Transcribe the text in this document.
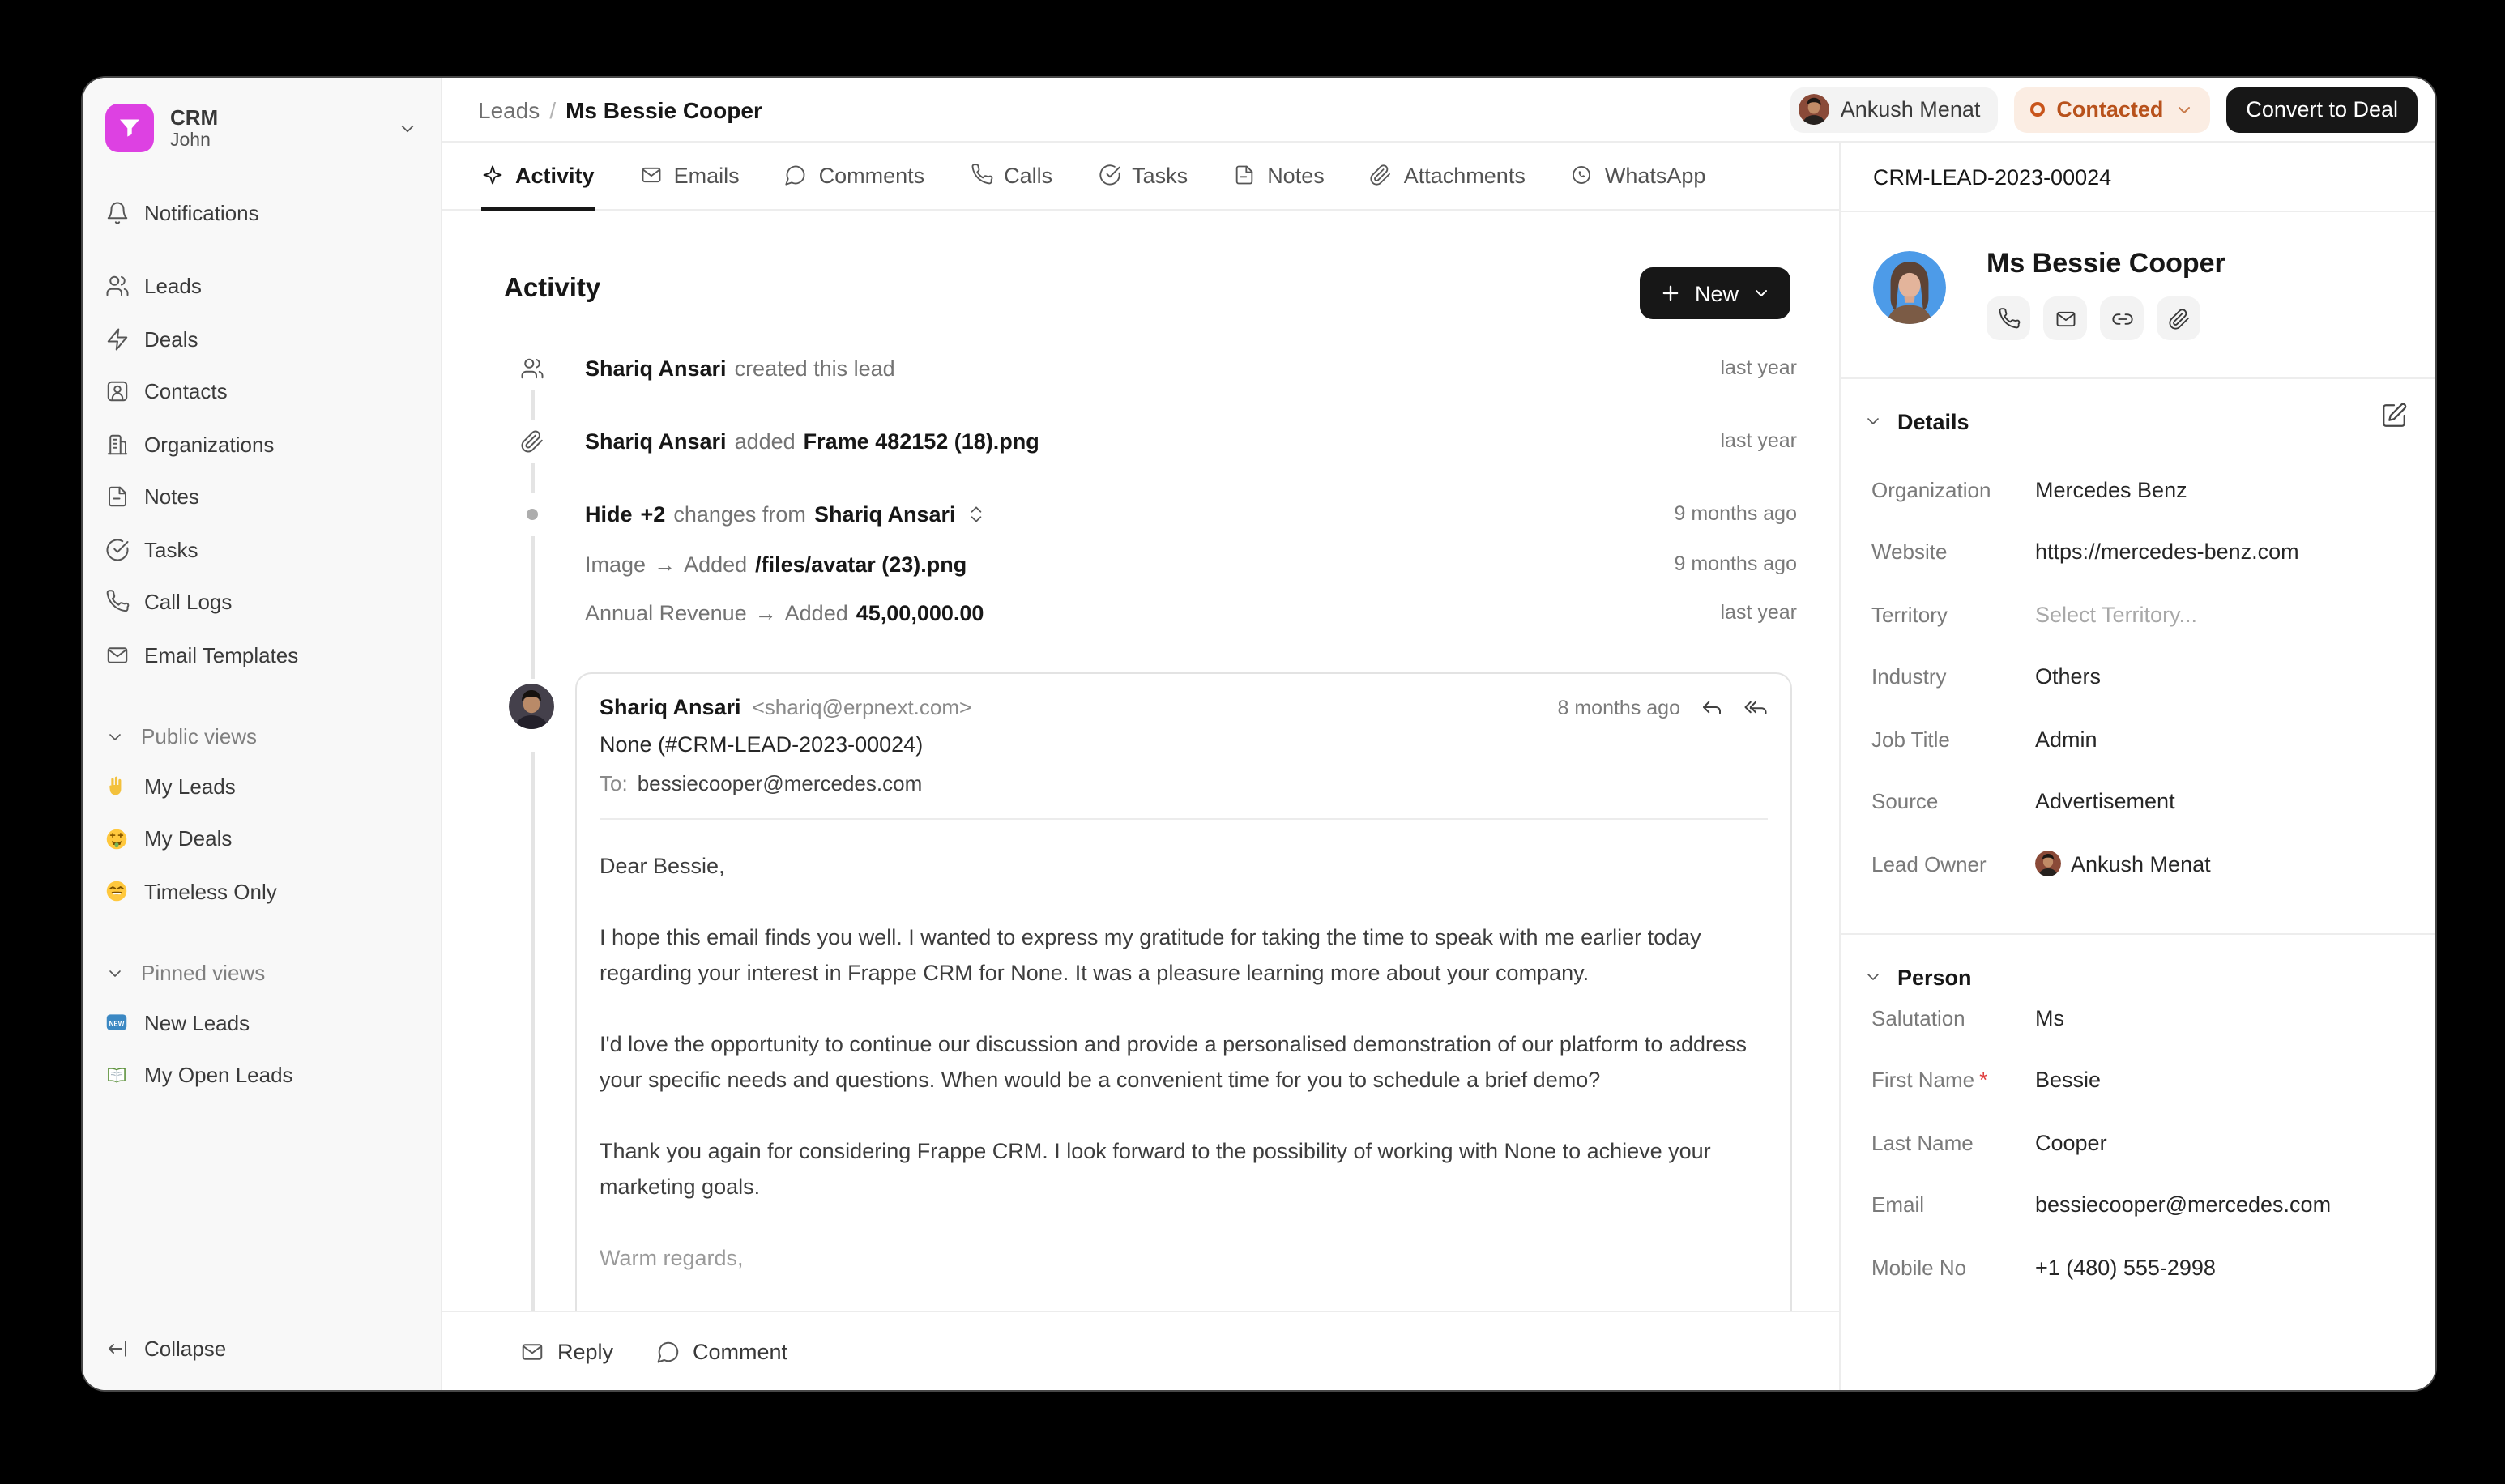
CRM
John
Notifications
Leads
Deals
Contacts
Organizations
Notes
Tasks
Call Logs
Email Templates
Public views
My Leads
My Deals
Timeless Only
Pinned views
NEW New Leads
My Open Leads
Collapse
Leads / Ms Bessie Cooper	Ankush Menat	Contacted	Convert to Deal
Activity	Emails	Comments	Calls	Tasks	Notes	Attachments	WhatsApp
Activity	New
Shariq Ansari created this lead	last year
Shariq Ansari added Frame 482152 (18).png	last year
Hide +2 changes from Shariq Ansari	9 months ago
Image → Added /files/avatar (23).png	9 months ago
Annual Revenue → Added 45,00,000.00	last year
Shariq Ansari <shariq@erpnext.com>	8 months ago
None (#CRM-LEAD-2023-00024)
To: bessiecooper@mercedes.com

Dear Bessie,

I hope this email finds you well. I wanted to express my gratitude for taking the time to speak with me earlier today regarding your interest in Frappe CRM for None. It was a pleasure learning more about your company.

I'd love the opportunity to continue our discussion and provide a personalised demonstration of our platform to address your specific needs and questions. When would be a convenient time for you to schedule a brief demo?

Thank you again for considering Frappe CRM. I look forward to the possibility of working with None to achieve your marketing goals.

Warm regards,

Reply	Comment
CRM-LEAD-2023-00024
Ms Bessie Cooper
Details
Organization	Mercedes Benz
Website	https://mercedes-benz.com
Territory	Select Territory...
Industry	Others
Job Title	Admin
Source	Advertisement
Lead Owner	Ankush Menat
Person
Salutation	Ms
First Name *	Bessie
Last Name	Cooper
Email	bessiecooper@mercedes.com
Mobile No	+1 (480) 555-2998
